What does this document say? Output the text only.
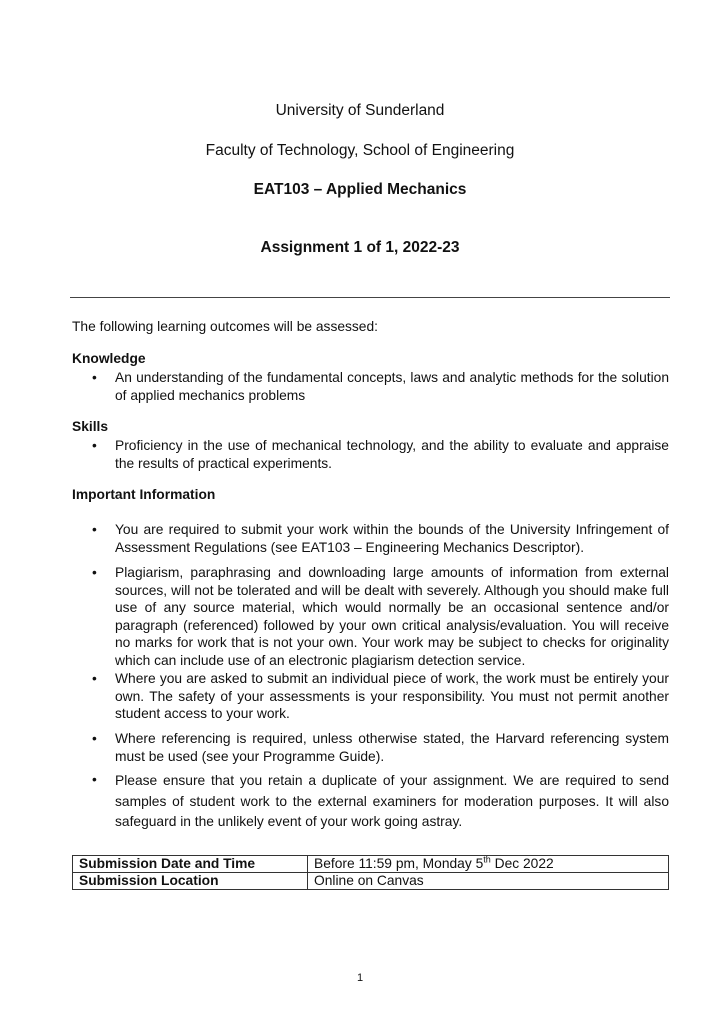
University of Sunderland
Faculty of Technology, School of Engineering
EAT103 – Applied Mechanics
Assignment 1 of 1, 2022-23
The following learning outcomes will be assessed:
Knowledge
• An understanding of the fundamental concepts, laws and analytic methods for the solution of applied mechanics problems
Skills
• Proficiency in the use of mechanical technology, and the ability to evaluate and appraise the results of practical experiments.
Important Information
• You are required to submit your work within the bounds of the University Infringement of Assessment Regulations (see EAT103 – Engineering Mechanics Descriptor).
• Plagiarism, paraphrasing and downloading large amounts of information from external sources, will not be tolerated and will be dealt with severely. Although you should make full use of any source material, which would normally be an occasional sentence and/or paragraph (referenced) followed by your own critical analysis/evaluation. You will receive no marks for work that is not your own. Your work may be subject to checks for originality which can include use of an electronic plagiarism detection service.
• Where you are asked to submit an individual piece of work, the work must be entirely your own. The safety of your assessments is your responsibility. You must not permit another student access to your work.
• Where referencing is required, unless otherwise stated, the Harvard referencing system must be used (see your Programme Guide).
• Please ensure that you retain a duplicate of your assignment. We are required to send samples of student work to the external examiners for moderation purposes. It will also safeguard in the unlikely event of your work going astray.
Submission Date and Time	Before 11:59 pm, Monday 5th Dec 2022
Submission Location	Online on Canvas
1
